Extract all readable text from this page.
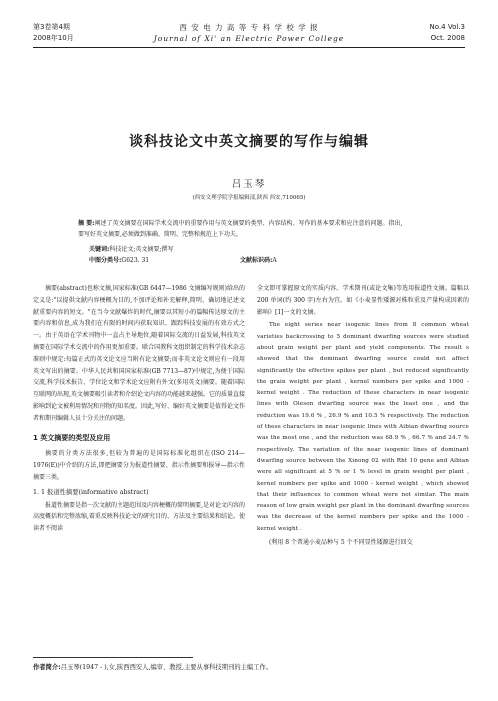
第3卷第4期
2008年10月
西 安 电 力 高 等 专 科 学 校 学 报
Journal of Xi' an Electric Power College
No.4 Vol.3
Oct. 2008
谈科技论文中英文摘要的写作与编辑
吕玉琴
(西安文理学院学报编辑部,陕西 西安,710065)
摘 要:阐述了英文摘要在国际学术交流中的重要作用与英文摘要的类型、内容结构、写作的基本要求和应注意的问题。指出,要写好英文摘要,必须做到准确、简明、完整和规范上下功夫。
关键词:科技论文;英文摘要;撰写
中图分类号:G623. 31	文献标识码:A

摘要(abstract)也称文摘,国家标准(GB 6447—1986 文摘编写规则)给出的定义是:"以提供文献内容梗概为目的,不加评论和补充解释,简明、确切地记述文献重要内容的短文。"在当今文献爆炸的时代,摘要以其短小的篇幅传达原文的主要内容和信息,成为我们在有限的时间内获取知识、跟踪科技发展的有效方式之一。由于英语在学术刊物中一直占主导地位,随着国际交流的日益发展,科技英文摘要在国际学术交流中的作用更加重要。联合国教科文组织制定的科学技术杂志准则中规定:每篇正式的英文论文应当附有论文摘要;而非英文论文则应有一段用英文写出的摘要。中华人民共和国国家标准(GB 7713—87)中规定,为便于国际交流,科学技术报告、学位论文和学术论文应附有外文(多用英文)摘要。随着国际互联网的出现,英文摘要吸引读者和介绍论文内容的功能越来越强。它的质量直接影响到论文被利用情况和刊物的知名度。因此,写好、编好英文摘要是值得论文作者和期刊编辑人员十分关注的问题。

1 英文摘要的类型及应用

摘要的分类方法很多,但较为普遍的是国际标准化组织在(ISO 214—1976(E))中介绍的方法,即把摘要分为报道性摘要、指示性摘要和报导—指示性摘要三类。

1. 1 报道性摘要(informative abstract)

报道性摘要是指一次文献的主题范围及内容梗概的简明摘要,是对论文内容的高度概括和完整浓缩,着重反映科技论文的研究目的、方法及主要结果和结论。使读者不阅读

全文即可掌握原文的实质内容。学术期刊(或论文集)等选用报道性文摘。篇幅以 200 单词(约 300 字)左右为宜。如《小麦显性矮源对株粒重及产量构成因素的影响》[1]一文的文摘。

The eight series near isogenic lines from 8 common wheat varieties backcrossing to 5 dominant dwarfing sources were studied about grain weight per plant and yield components. The result s showed that the dominant dwarfing source could not affect significantly the effective spikes per plant , but reduced significantly the grain weight per plant , kernel numbers per spike and 1000 - kernel weight . The reduction of these characters in near isogenic lines with Oleson dwarfing source was the least one , and the reduction was 19.6 % , 26.9 % and 10.5 % respectively. The reduction of these characters in near isogenic lines with Aibian dwarfing source was the most one , and the reduction was 68.9 % , 66.7 % and 24.7 % respectively. The variation of the near isogenic lines of dominant dwarfing source between the Xinong 02 with Rht 10 gene and Aibian were all significant at 5 % or 1 % level in grain weight per plant , kernel numbers per spike and 1000 - kernel weight , which showed that their influences to common wheat were not similar. The main reason of low grain weight per plant in the dominant dwarfing sources was the decrease of the kernel numbers per spike and the 1000 - kernel weight .

(利用 8 个普通小麦品种与 5 个不同显性矮源进行回交

作者简介:吕玉琴(1947 - ),女,陕西西安人,编审、教授,主要从事科技期刊的主编工作。
